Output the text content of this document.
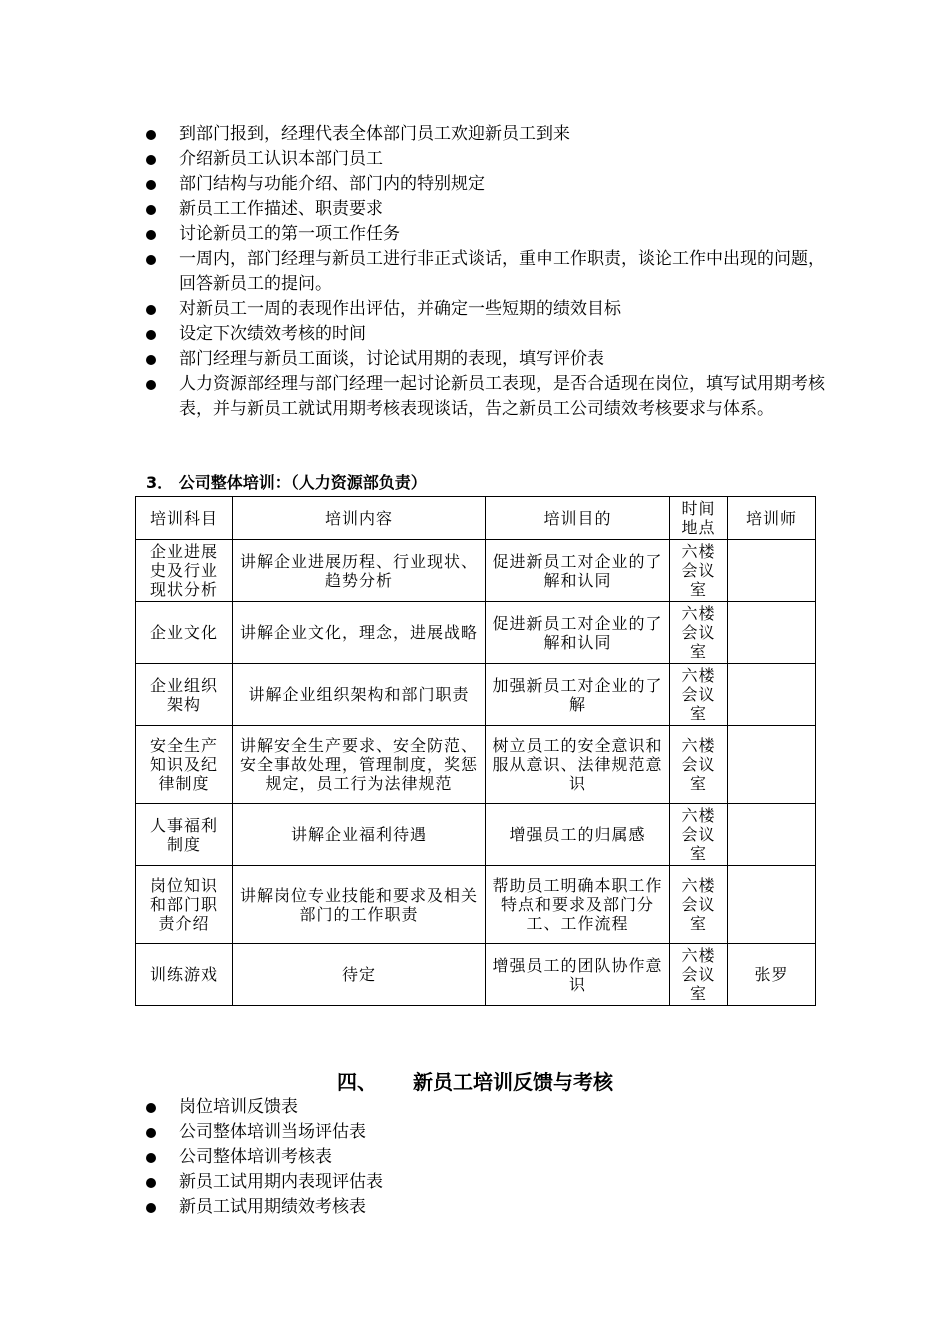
到部门报到，经理代表全体部门员工欢迎新员工到来
介绍新员工认识本部门员工
部门结构与功能介绍、部门内的特别规定
新员工工作描述、职责要求
讨论新员工的第一项工作任务
一周内，部门经理与新员工进行非正式谈话，重申工作职责，谈论工作中出现的问题，回答新员工的提问。
对新员工一周的表现作出评估，并确定一些短期的绩效目标
设定下次绩效考核的时间
部门经理与新员工面谈，讨论试用期的表现，填写评价表
人力资源部经理与部门经理一起讨论新员工表现，是否合适现在岗位，填写试用期考核表，并与新员工就试用期考核表现谈话，告之新员工公司绩效考核要求与体系。
3． 公司整体培训：（人力资源部负责）
培训科目	培训内容	培训目的	时间地点	培训师
企业进展史及行业现状分析	讲解企业进展历程、行业现状、趋势分析	促进新员工对企业的了解和认同	六楼会议室	
企业文化	讲解企业文化，理念，进展战略	促进新员工对企业的了解和认同	六楼会议室	
企业组织架构	讲解企业组织架构和部门职责	加强新员工对企业的了解	六楼会议室	
安全生产知识及纪律制度	讲解安全生产要求、安全防范、安全事故处理，管理制度，奖惩规定，员工行为法律规范	树立员工的安全意识和服从意识、法律规范意识	六楼会议室	
人事福利制度	讲解企业福利待遇	增强员工的归属感	六楼会议室	
岗位知识和部门职责介绍	讲解岗位专业技能和要求及相关部门的工作职责	帮助员工明确本职工作特点和要求及部门分工、工作流程	六楼会议室	
训练游戏	待定	增强员工的团队协作意识	六楼会议室	张罗
四、 新员工培训反馈与考核
岗位培训反馈表
公司整体培训当场评估表
公司整体培训考核表
新员工试用期内表现评估表
新员工试用期绩效考核表
